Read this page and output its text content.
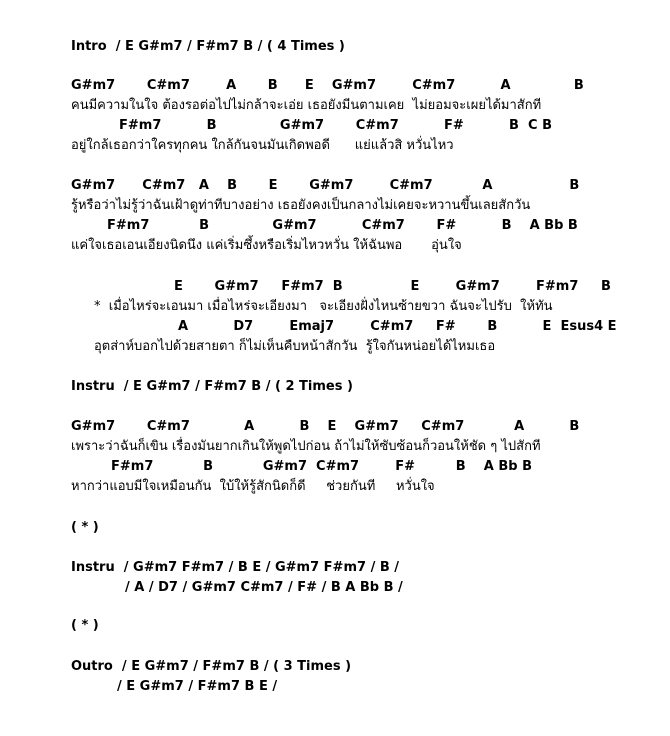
Intro  / E G#m7 / F#m7 B / ( 4 Times )
G#m7       C#m7        A       B      E    G#m7        C#m7          A              B
คนมีความในใจ ต้องรอต่อไปไม่กล้าจะเอ่ย เธอยังมีนตามเคย  ไม่ยอมจะเผยได้มาสักที
F#m7          B              G#m7       C#m7          F#          B  C B
อยู่ใกล้เธอกว่าใครทุกคน ใกล้กันจนมันเกิดพอดี      แย่แล้วสิ หวั่นไหว
G#m7      C#m7   A    B       E       G#m7        C#m7           A                 B
รู้หรือว่าไม่รู้ว่าฉันเฝ้าดูท่าทีบางอย่าง เธอยังคงเป็นกลางไม่เคยจะหวานขึ้นเลยสักวัน
F#m7           B              G#m7          C#m7       F#          B    A Bb B
แค่ใจเธอเอนเอียงนิดนึง แค่เริ่มซึ้งหรือเริ่มไหวหวั่น ให้ฉันพอ       อุ่นใจ
E       G#m7     F#m7  B               E        G#m7        F#m7     B
*  เมื่อไหร่จะเอนมา เมื่อไหร่จะเอียงมา   จะเอียงฝั่งไหนซ้ายขวา ฉันจะไปรับ  ให้ทัน
A          D7        Emaj7        C#m7     F#       B          E  Esus4 E
อุตส่าห์บอกไปด้วยสายตา ก็ไม่เห็นคืบหน้าสักวัน  รู้ใจกันหน่อยได้ไหมเธอ
Instru  / E G#m7 / F#m7 B / ( 2 Times )
G#m7       C#m7            A          B    E    G#m7     C#m7           A          B
เพราะว่าฉันก็เขิน เรื่องมันยากเกินให้พูดไปก่อน ถ้าไม่ให้ซับซ้อนก็วอนให้ชัด ๆ ไปสักที
F#m7           B           G#m7  C#m7        F#         B    A Bb B
หากว่าแอบมีใจเหมือนกัน  ใบ้ให้รู้สักนิดก็ดี     ช่วยกันที     หวั่นใจ
( * )
Instru  / G#m7 F#m7 / B E / G#m7 F#m7 / B /
/ A / D7 / G#m7 C#m7 / F# / B A Bb B /
( * )
Outro  / E G#m7 / F#m7 B / ( 3 Times )
/ E G#m7 / F#m7 B E /
